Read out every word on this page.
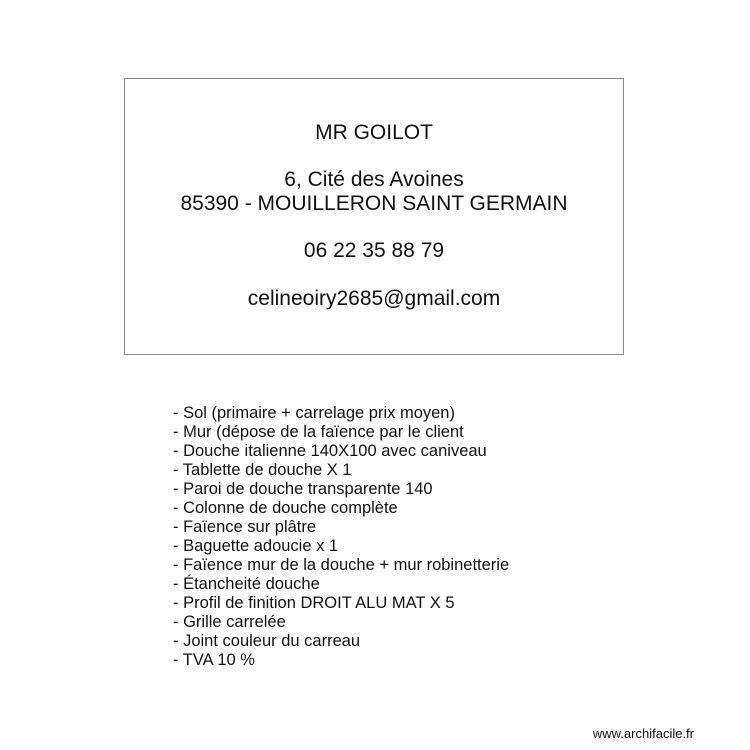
MR GOILOT
6, Cité des Avoines
85390 - MOUILLERON SAINT GERMAIN
06 22 35 88 79
celineoiry2685@gmail.com
- Sol (primaire + carrelage prix moyen)
- Mur (dépose de la faïence par le client
- Douche italienne 140X100 avec caniveau
- Tablette de douche X 1
- Paroi de douche transparente 140
- Colonne de douche complète
- Faïence sur plâtre
- Baguette adoucie x 1
- Faïence mur de la douche + mur robinetterie
- Étancheité douche
- Profil de finition DROIT ALU MAT X 5
- Grille carrelée
- Joint couleur du carreau
- TVA 10 %
www.archifacile.fr
